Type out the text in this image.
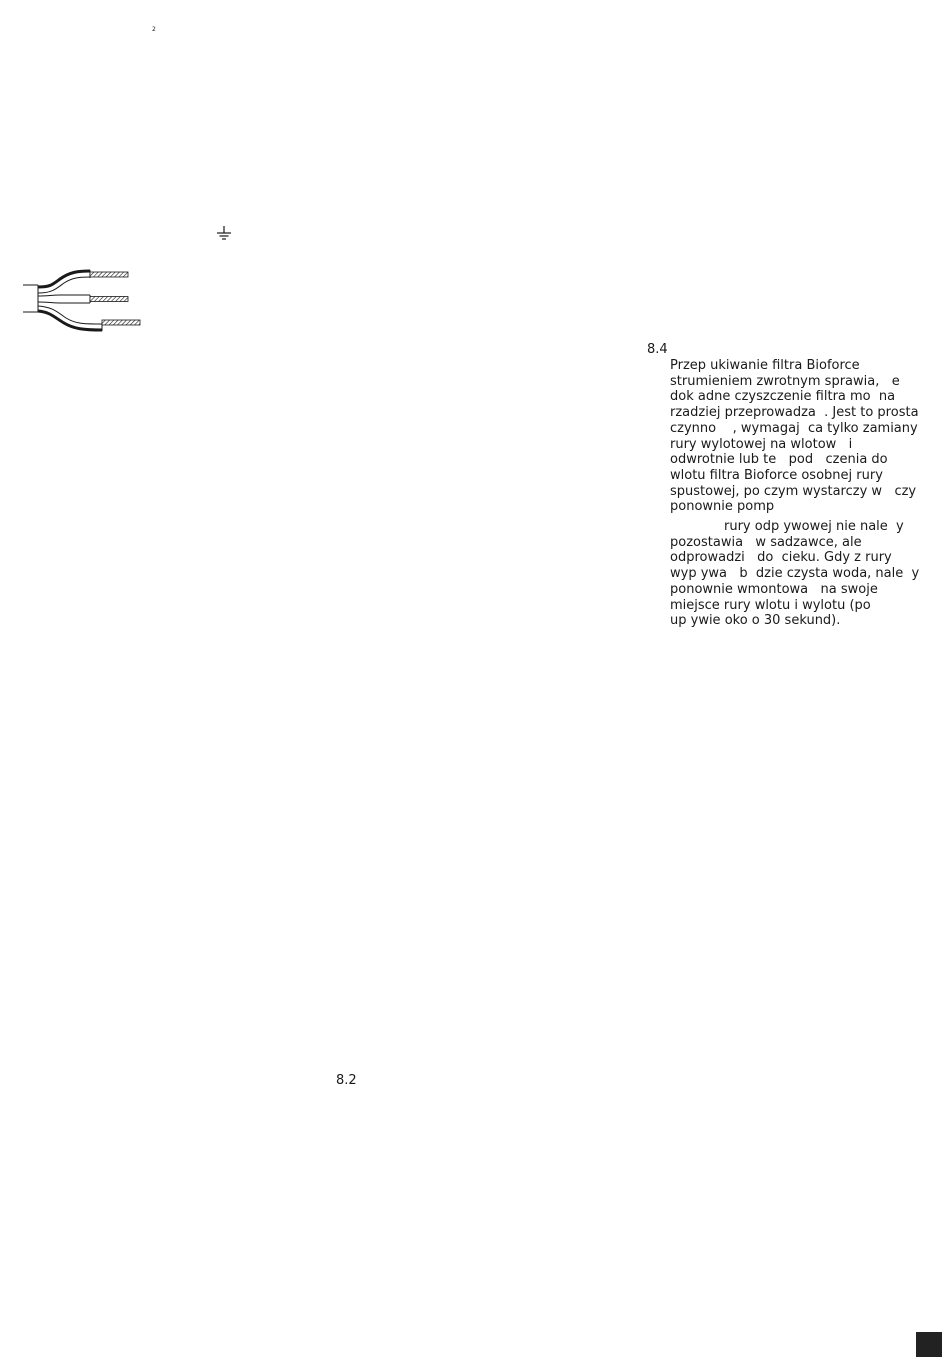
2
8.4
Przep ukiwanie filtra Bioforce
strumieniem zwrotnym sprawia,   e
dok adne czyszczenie filtra mo  na
rzadziej przeprowadza  . Jest to prosta
czynno    , wymagaj  ca tylko zamiany
rury wylotowej na wlotow   i
odwrotnie lub te   pod   czenia do
wlotu filtra Bioforce osobnej rury
spustowej, po czym wystarczy w   czy
ponownie pomp
rury odp ywowej nie nale  y
pozostawia   w sadzawce, ale
odprowadzi   do  cieku. Gdy z rury
wyp ywa   b  dzie czysta woda, nale  y
ponownie wmontowa   na swoje
miejsce rury wlotu i wylotu (po
up ywie oko o 30 sekund).
8.2
